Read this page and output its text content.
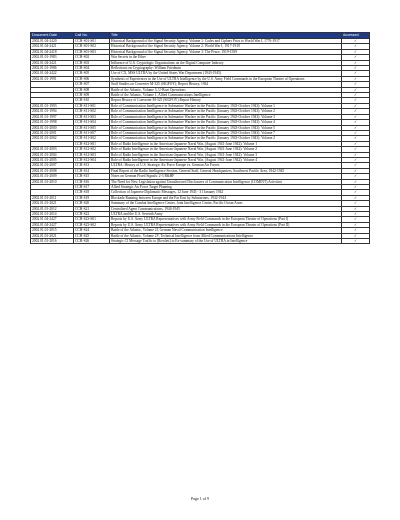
Document Date	Call No.	Title	Accessed
2002.01.04-2420	CCH-S01-S01	Historical Background of the Signal Security Agency, Volume 1: Codes and Ciphers Prior to World War I, 1776-1917	✓
2002.01.04-2421	CCH-S01-S02	Historical Background of the Signal Security Agency, Volume 2: World War I, 1917-1919	✓
2002.01.04-2418	CCH-S01-S03	Historical Background of the Signal Security Agency, Volume 3: The Peace, 1919-1939	✓
2002.01.01-1983	CCH-S02	War Secrets in the Ether	✓
2002.01.04-2421	CCH-S03	Influence of U.S. Cryptologic Organizations on the Digital Computer Industry	✓
2002.01.01-1986	CCH-S04	Reflections on Cryptography: William Friedman	✓
2002.01.04-2422	CCH-S05	Use of CX, MSS ULTRA by the United States War Department (1943-1945)	✓
2002.01.01-1991	CCH-S06	Synthesis of Experiences in the Use of ULTRA Intelligence by the U.S. Army Field Commands in the European Theater of Operations	✓
	CCH-S07	Staff Studies on Converter M-325 (SIGFOY); Report History, 1944	✓
	CCH-S08	Battle of the Atlantic, Volume 3, U-Boat Operations	✓
	CCH-S09	Battle of the Atlantic, Volume 1, Allied Communications Intelligence	✓
	CCH-S10	Report History of Converter M-325 (SIGFOY) Report History	✓
2002.01.01-1993	CCH-S11-S01	Role of Communication Intelligence in Submarine Warfare in the Pacific (January 1943-October 1943): Volume 1	✓
2002.01.01-1994	CCH-S11-S02	Role of Communication Intelligence in Submarine Warfare in the Pacific (January 1943-October 1943): Volume 2	✓
2002.01.01-1997	CCH-S11-S03	Role of Communication Intelligence in Submarine Warfare in the Pacific (January 1943-October 1943): Volume 3	✓
2002.01.01-1998	CCH-S11-S04	Role of Communication Intelligence in Submarine Warfare in the Pacific (January 1943-October 1943): Volume 4	✓
2002.01.01-2000	CCH-S11-S05	Role of Communication Intelligence in Submarine Warfare in the Pacific (January 1943-October 1943): Volume 5	✓
2002.01.01-2001	CCH-S11-S07	Role of Communication Intelligence in Submarine Warfare in the Pacific (January 1943-October 1943): Volume 7	✓
2002.01.01-2002	CCH-S11-S02	Role of Communication Intelligence in Submarine Warfare in the Pacific (January 1943-October 1943): Volume 2	✓
	CCH-S12-S01	Role of Radio Intelligence in the American-Japanese Naval War, (August 1941-June 1942): Volume 1	✓
2002.01.01-2003	CCH-S12-S02	Role of Radio Intelligence in the American-Japanese Naval War, (August 1941-June 1942): Volume 2	✓
2002.01.01-2004	CCH-S12-S03	Role of Radio Intelligence in the American-Japanese Naval War, (August 1941-June 1942): Volume 3	✓
2002.01.01-2005	CCH-S12-S04	Role of Radio Intelligence in the American-Japanese Naval War, (August 1941-June 1942): Volume 4	✓
2002.01.01-2007	CCH-S13	ULTRA: History of U.S. Strategic Air Force Europe vs. German Air Forces	✓
2002.01.01-2008	CCH-S14	Final Report of the Radio Intelligence Section, General Staff, General Headquarters, Southwest Pacific Area, 1942-1945	✓
2002.01.01-2009	CCH-S15	Notes on German Fixed Signals: 2-3 B&HF	✓
2002.01.01-2010	CCH-S16	The Need for New Legislation against Unauthorized Disclosures of Communication Intelligence (COMINT) Activities	✓
	CCH-S17	Allied Strategic Air Force Target Planning	✓
	CCH-S18	Collection of Japanese Diplomatic Messages, 12 June 1945 - 31 January 1942	✓
2002.01.01-2011	CCH-S19	Blockade Running between Europe and the Far East by Submarines, 1942-1944	✓
2002.01.01-2021	CCH-S20	Summary of the Combat Intelligence Center, Joint Intelligence Center, Pacific Ocean Areas	✓
2002.01.01-2012	CCH-S21	Centralized Agent Communications, 1944-1945	✓
2002.01.01-2014	CCH-S22	ULTRA and the U.S. Seventh Army	✓
2002.01.04-2427	CCH-S23-S01	Reports by U.S. Army ULTRA Representatives with Army Field Commands in the European Theater of Operations (Part I)	✓
2002.01.04-2427	CCH-S23-S02	Reports by U.S. Army ULTRA Representatives with Army Field Commands in the European Theater of Operations (Part II)	✓
2002.01.01-2015	CCH-S24	Battle of the Atlantic, Volume 2I, German Naval Communication Intelligence	✓
2002.01.01-2021	CCH-S25	Battle of the Atlantic, Volume 2V, Technical Intelligence from Allied Communications Intelligence	✓
2002.01.01-2016	CCH-S26	Strategic CI Message Traffic to [Rowlett] to Ex-summary of the Use of ULTRA in Intelligence	✓
Page 1 of 9
